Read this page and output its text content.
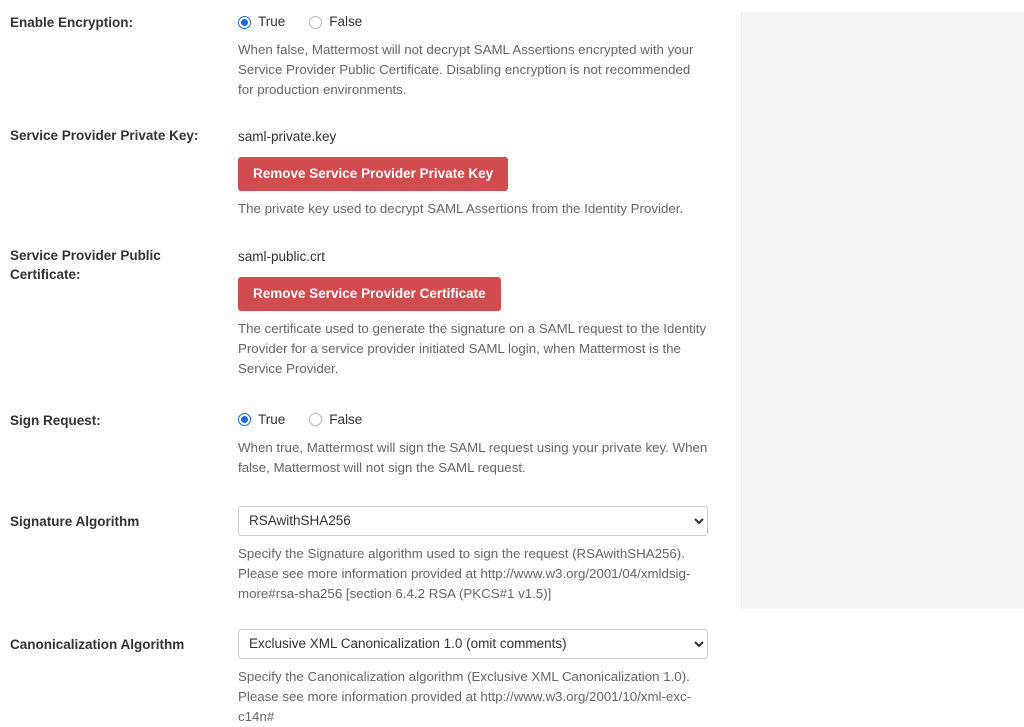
Enable Encryption:	True	False
When false, Mattermost will not decrypt SAML Assertions encrypted with your Service Provider Public Certificate. Disabling encryption is not recommended for production environments.
Service Provider Private Key:	saml-private.key
Remove Service Provider Private Key
The private key used to decrypt SAML Assertions from the Identity Provider.
Service Provider Public Certificate:
saml-public.crt
Remove Service Provider Certificate
The certificate used to generate the signature on a SAML request to the Identity Provider for a service provider initiated SAML login, when Mattermost is the Service Provider.
Sign Request:	True	False
When true, Mattermost will sign the SAML request using your private key. When false, Mattermost will not sign the SAML request.
Signature Algorithm
RSAwithSHA256
Specify the Signature algorithm used to sign the request (RSAwithSHA256). Please see more information provided at http://www.w3.org/2001/04/xmldsig-more#rsa-sha256 [section 6.4.2 RSA (PKCS#1 v1.5)]
Canonicalization Algorithm
Exclusive XML Canonicalization 1.0 (omit comments)
Specify the Canonicalization algorithm (Exclusive XML Canonicalization 1.0). Please see more information provided at http://www.w3.org/2001/10/xml-exc-c14n#
